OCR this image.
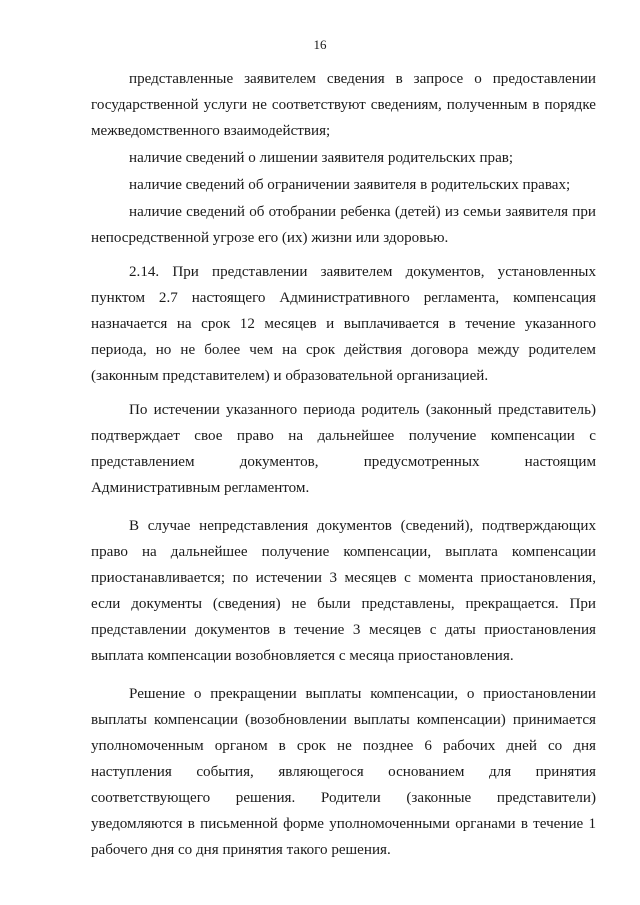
16

представленные заявителем сведения в запросе о предоставлении государственной услуги не соответствуют сведениям, полученным в порядке межведомственного взаимодействия;

наличие сведений о лишении заявителя родительских прав;

наличие сведений об ограничении заявителя в родительских правах;

наличие сведений об отобрании ребенка (детей) из семьи заявителя при непосредственной угрозе его (их) жизни или здоровью.

2.14. При представлении заявителем документов, установленных пунктом 2.7 настоящего Административного регламента, компенсация назначается на срок 12 месяцев и выплачивается в течение указанного периода, но не более чем на срок действия договора между родителем (законным представителем) и образовательной организацией.

По истечении указанного периода родитель (законный представитель) подтверждает свое право на дальнейшее получение компенсации с представлением документов, предусмотренных настоящим Административным регламентом.

В случае непредставления документов (сведений), подтверждающих право на дальнейшее получение компенсации, выплата компенсации приостанавливается; по истечении 3 месяцев с момента приостановления, если документы (сведения) не были представлены, прекращается. При представлении документов в течение 3 месяцев с даты приостановления выплата компенсации возобновляется с месяца приостановления.

Решение о прекращении выплаты компенсации, о приостановлении выплаты компенсации (возобновлении выплаты компенсации) принимается уполномоченным органом в срок не позднее 6 рабочих дней со дня наступления события, являющегося основанием для принятия соответствующего решения. Родители (законные представители) уведомляются в письменной форме уполномоченными органами в течение 1 рабочего дня со дня принятия такого решения.
